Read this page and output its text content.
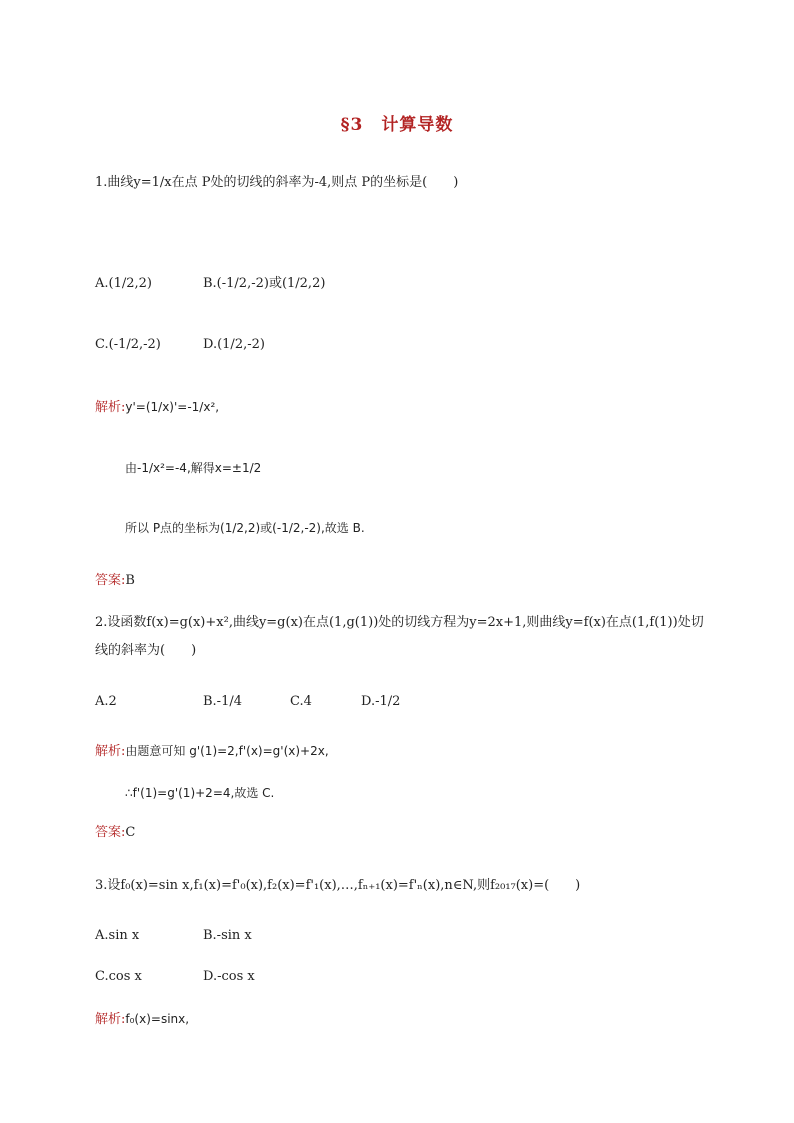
§3　计算导数
1.曲线y=1/x在点 P处的切线的斜率为-4,则点 P的坐标是(　　)
A.(1/2,2)	B.(-1/2,-2)或(1/2,2)
C.(-1/2,-2)	D.(1/2,-2)
解析:y'=(1/x)'=-1/x²,
由-1/x²=-4,解得x=±1/2
所以 P点的坐标为(1/2,2)或(-1/2,-2),故选 B.
答案:B
2.设函数f(x)=g(x)+x²,曲线y=g(x)在点(1,g(1))处的切线方程为y=2x+1,则曲线y=f(x)在点(1,f(1))处切
线的斜率为(　　)
A.2	B.-1/4	C.4	D.-1/2
解析:由题意可知 g'(1)=2,f'(x)=g'(x)+2x,
∴f'(1)=g'(1)+2=4,故选 C.
答案:C
3.设f₀(x)=sin x,f₁(x)=f'₀(x),f₂(x)=f'₁(x),…,fₙ₊₁(x)=f'ₙ(x),n∈N,则f₂₀₁₇(x)=(　　)
A.sin x	B.-sin x
C.cos x	D.-cos x
解析:f₀(x)=sinx,
